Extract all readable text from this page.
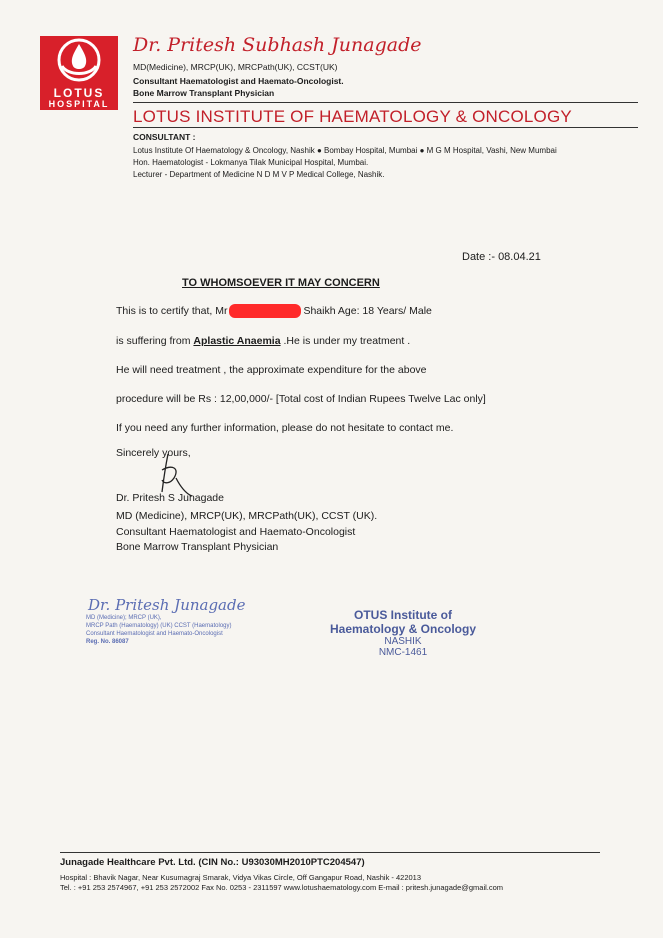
LOTUS
HOSPITAL
Dr. Pritesh Subhash Junagade
MD(Medicine), MRCP(UK), MRCPath(UK), CCST(UK)
Consultant Haematologist and Haemato-Oncologist.
Bone Marrow Transplant Physician
LOTUS INSTITUTE OF HAEMATOLOGY & ONCOLOGY
CONSULTANT :
Lotus Institute Of Haematology & Oncology, Nashik ● Bombay Hospital, Mumbai ● M G M Hospital, Vashi, New Mumbai
Hon. Haematologist - Lokmanya Tilak Municipal Hospital, Mumbai.
Lecturer - Department of Medicine N D M V P Medical College, Nashik.
Date :- 08.04.21
TO WHOMSOEVER IT MAY CONCERN
This is to certify that, Mr	Shaikh Age: 18 Years/ Male
is suffering from Aplastic Anaemia .He is under my treatment .
He will need treatment , the approximate expenditure for the above
procedure will be Rs : 12,00,000/- [Total cost of Indian Rupees Twelve Lac only]
If you need any further information, please do not hesitate to contact me.
Sincerely yours,
Dr. Pritesh S Junagade
MD (Medicine), MRCP(UK), MRCPath(UK), CCST (UK).
Consultant Haematologist and Haemato-Oncologist
Bone Marrow Transplant Physician
Dr. Pritesh Junagade
MD (Medicine); MRCP (UK),
MRCP Path (Haematology) (UK) CCST (Haematology)
Consultant Haematologist and Haemato-Oncologist
Reg. No. 86087
OTUS Institute of
Haematology & Oncology
NASHIK
NMC-1461
Junagade Healthcare Pvt. Ltd. (CIN No.: U93030MH2010PTC204547)
Hospital : Bhavik Nagar, Near Kusumagraj Smarak, Vidya Vikas Circle, Off Gangapur Road, Nashik - 422013
Tel. : +91 253 2574967, +91 253 2572002 Fax No. 0253 - 2311597 www.lotushaematology.com E-mail : pritesh.junagade@gmail.com
